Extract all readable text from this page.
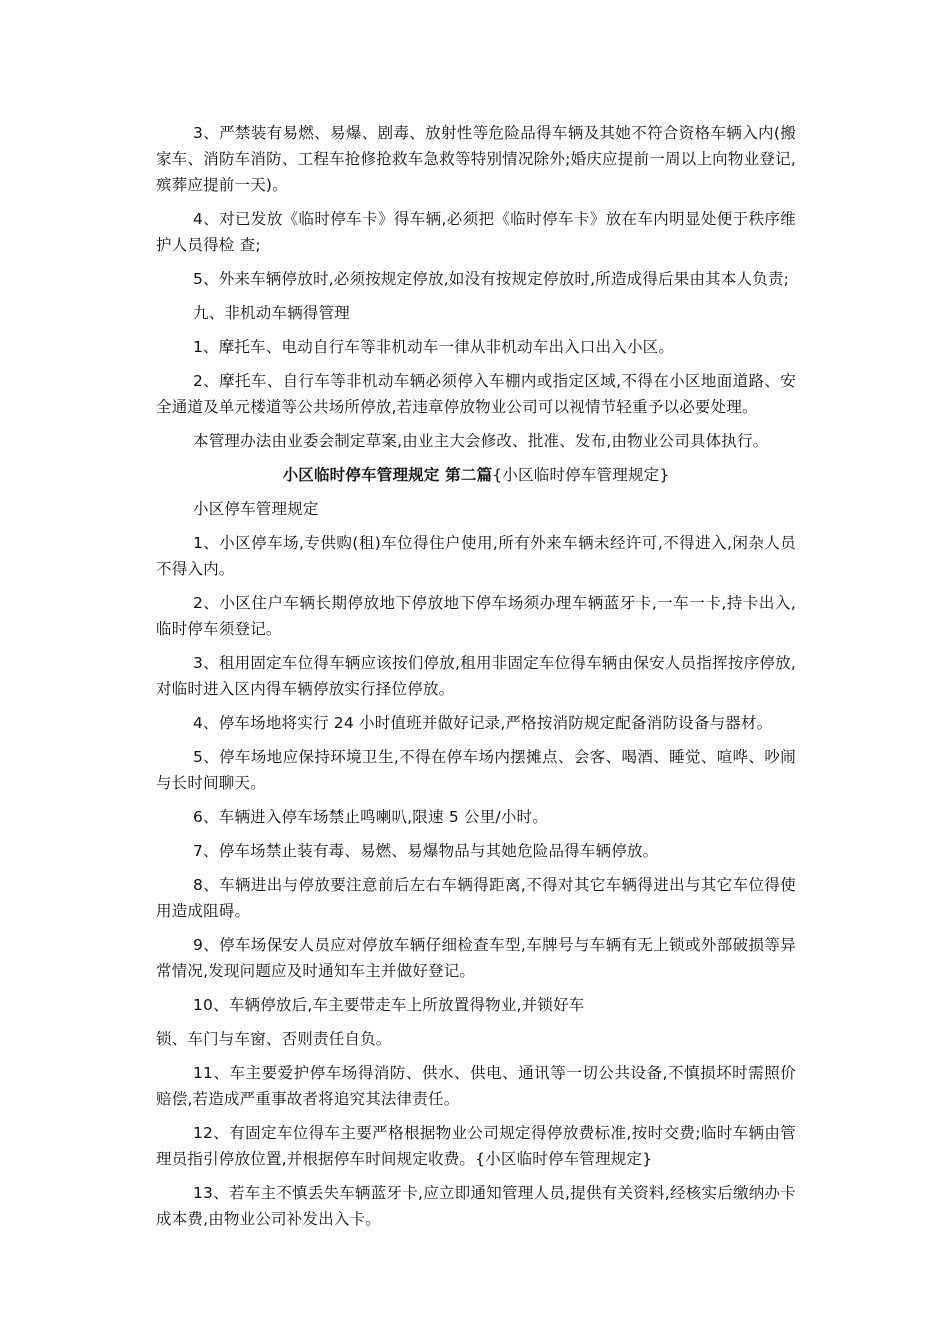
3、严禁装有易燃、易爆、剧毒、放射性等危险品得车辆及其她不符合资格车辆入内(搬家车、消防车消防、工程车抢修抢救车急救等特别情况除外;婚庆应提前一周以上向物业登记,殡葬应提前一天)。

4、对已发放《临时停车卡》得车辆,必须把《临时停车卡》放在车内明显处便于秩序维护人员得检 查;

5、外来车辆停放时,必须按规定停放,如没有按规定停放时,所造成得后果由其本人负责;

九、非机动车辆得管理

1、摩托车、电动自行车等非机动车一律从非机动车出入口出入小区。

2、摩托车、自行车等非机动车辆必须停入车棚内或指定区域,不得在小区地面道路、安全通道及单元楼道等公共场所停放,若违章停放物业公司可以视情节轻重予以必要处理。

本管理办法由业委会制定草案,由业主大会修改、批准、发布,由物业公司具体执行。

小区临时停车管理规定 第二篇{小区临时停车管理规定}

小区停车管理规定

1、小区停车场,专供购(租)车位得住户使用,所有外来车辆未经许可,不得进入,闲杂人员不得入内。

2、小区住户车辆长期停放地下停放地下停车场须办理车辆蓝牙卡,一车一卡,持卡出入,临时停车须登记。

3、租用固定车位得车辆应该按们停放,租用非固定车位得车辆由保安人员指挥按序停放,对临时进入区内得车辆停放实行择位停放。

4、停车场地将实行 24 小时值班并做好记录,严格按消防规定配备消防设备与器材。

5、停车场地应保持环境卫生,不得在停车场内摆摊点、会客、喝酒、睡觉、喧哗、吵闹与长时间聊天。

6、车辆进入停车场禁止鸣喇叭,限速 5 公里/小时。

7、停车场禁止装有毒、易燃、易爆物品与其她危险品得车辆停放。

8、车辆进出与停放要注意前后左右车辆得距离,不得对其它车辆得进出与其它车位得使用造成阻碍。

9、停车场保安人员应对停放车辆仔细检查车型,车牌号与车辆有无上锁或外部破损等异常情况,发现问题应及时通知车主并做好登记。

10、车辆停放后,车主要带走车上所放置得物业,并锁好车

锁、车门与车窗、否则责任自负。

11、车主要爱护停车场得消防、供水、供电、通讯等一切公共设备,不慎损坏时需照价赔偿,若造成严重事故者将追究其法律责任。

12、有固定车位得车主要严格根据物业公司规定得停放费标准,按时交费;临时车辆由管理员指引停放位置,并根据停车时间规定收费。{小区临时停车管理规定}

13、若车主不慎丢失车辆蓝牙卡,应立即通知管理人员,提供有关资料,经核实后缴纳办卡成本费,由物业公司补发出入卡。
